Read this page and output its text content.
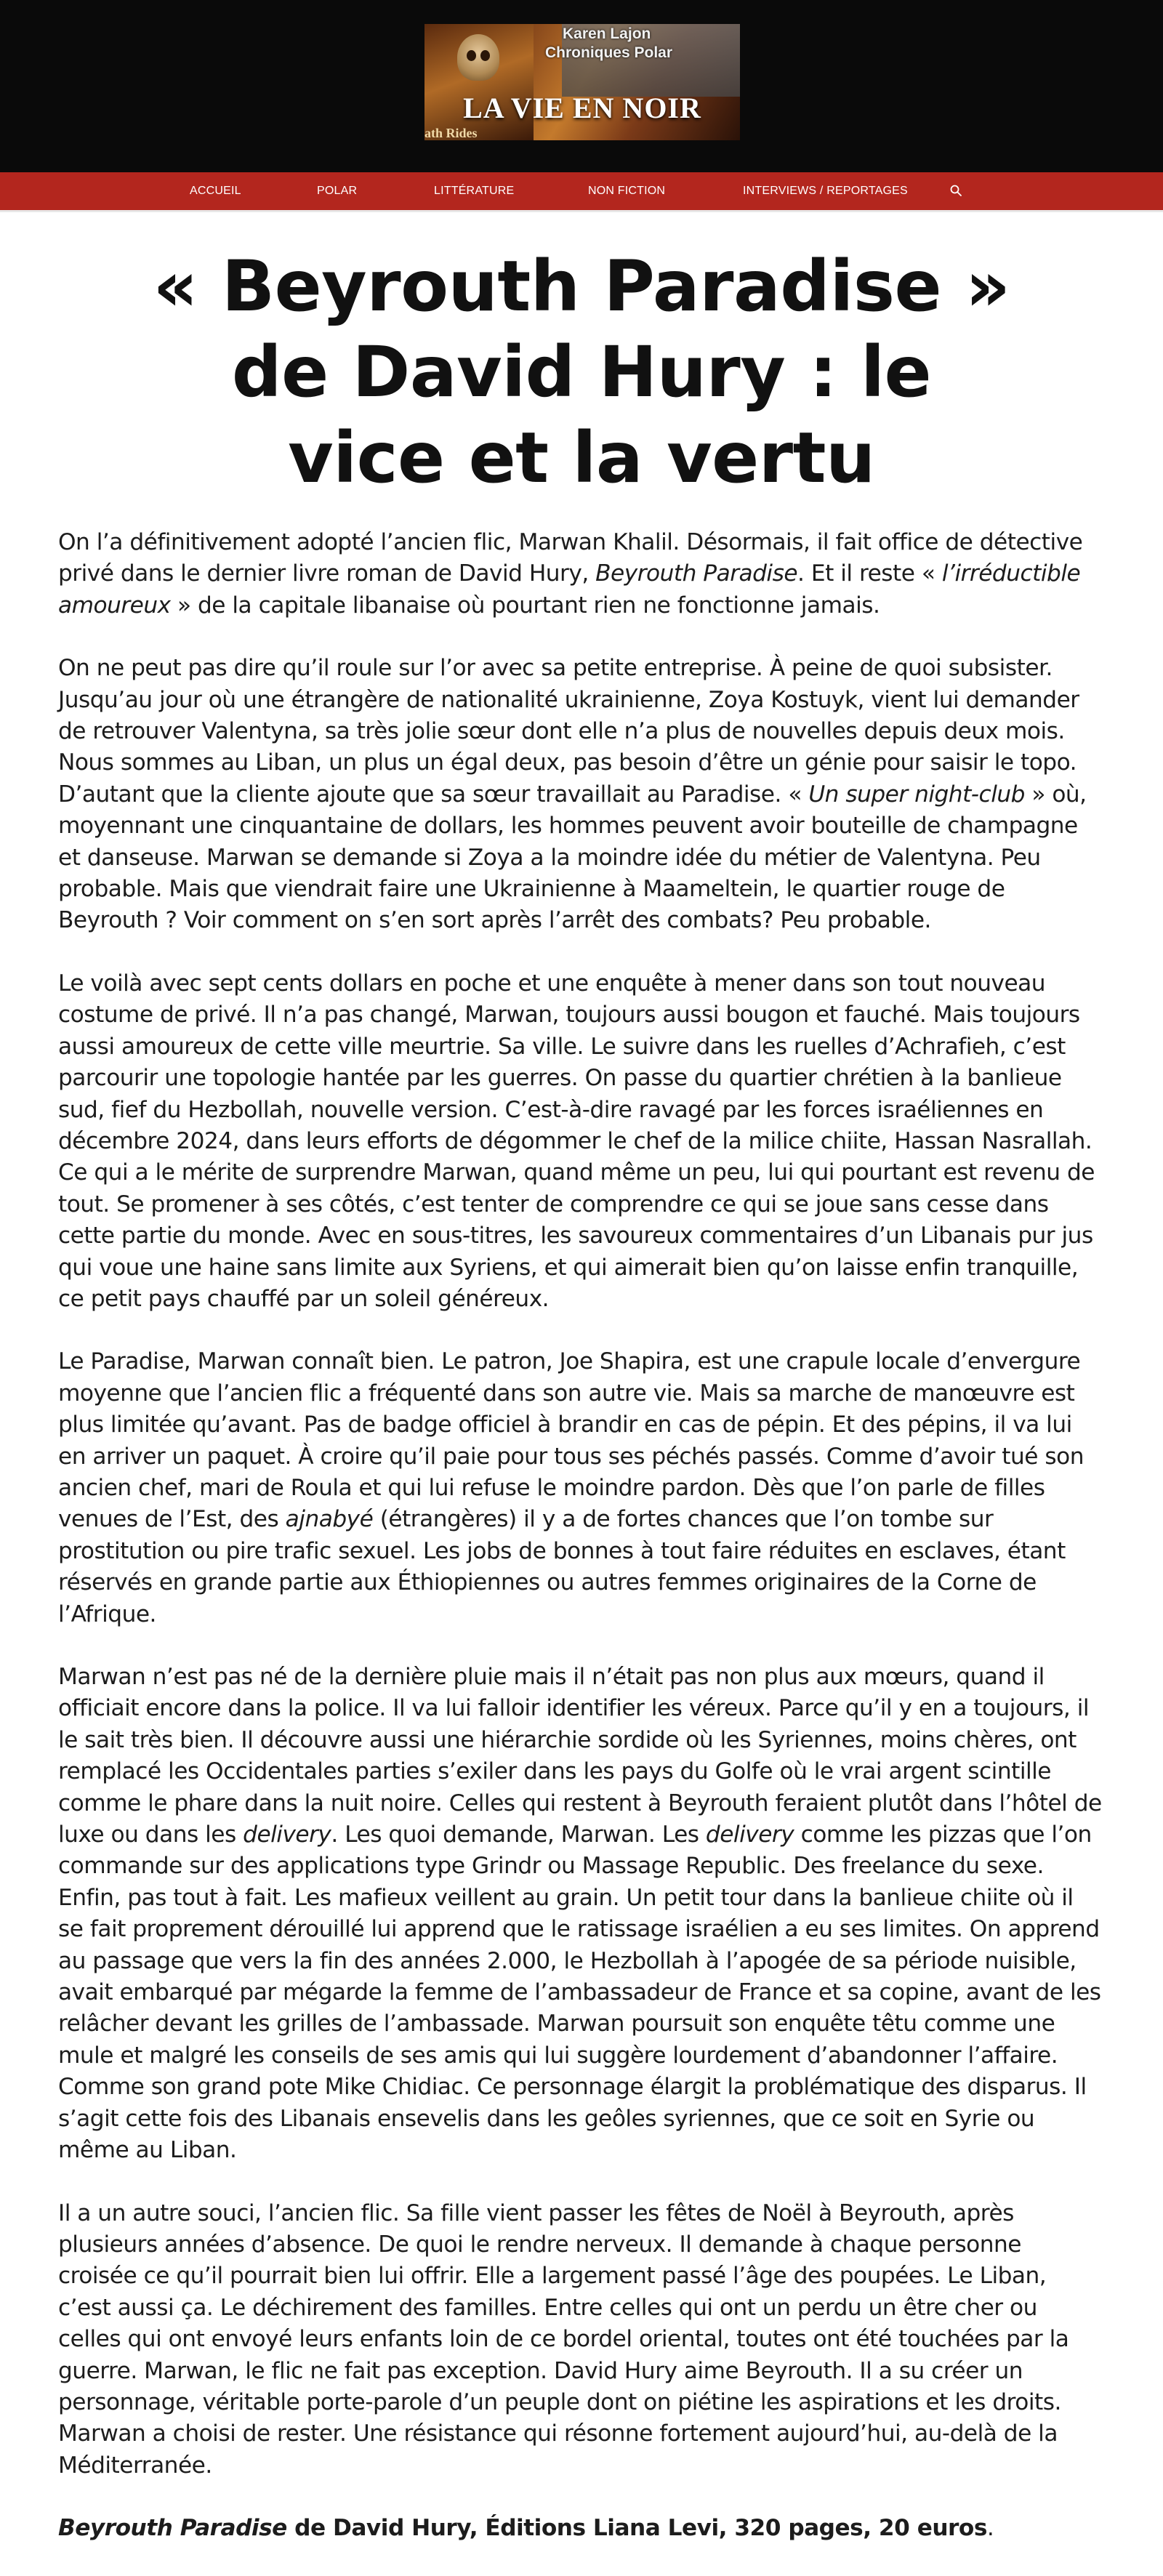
Karen Lajon
Chroniques Polar
LA VIE EN NOIR
ath Rides
ACCUEIL	POLAR	LITTÉRATURE	NON FICTION	INTERVIEWS / REPORTAGES
« Beyrouth Paradise » de David Hury : le vice et la vertu

On l’a définitivement adopté l’ancien flic, Marwan Khalil. Désormais, il fait office de détective privé dans le dernier livre roman de David Hury, Beyrouth Paradise. Et il reste « l’irréductible amoureux » de la capitale libanaise où pourtant rien ne fonctionne jamais.

On ne peut pas dire qu’il roule sur l’or avec sa petite entreprise. À peine de quoi subsister. Jusqu’au jour où une étrangère de nationalité ukrainienne, Zoya Kostuyk, vient lui demander de retrouver Valentyna, sa très jolie sœur dont elle n’a plus de nouvelles depuis deux mois. Nous sommes au Liban, un plus un égal deux, pas besoin d’être un génie pour saisir le topo. D’autant que la cliente ajoute que sa sœur travaillait au Paradise. « Un super night-club » où, moyennant une cinquantaine de dollars, les hommes peuvent avoir bouteille de champagne et danseuse. Marwan se demande si Zoya a la moindre idée du métier de Valentyna. Peu probable. Mais que viendrait faire une Ukrainienne à Maameltein, le quartier rouge de Beyrouth ? Voir comment on s’en sort après l’arrêt des combats? Peu probable.

Le voilà avec sept cents dollars en poche et une enquête à mener dans son tout nouveau costume de privé. Il n’a pas changé, Marwan, toujours aussi bougon et fauché. Mais toujours aussi amoureux de cette ville meurtrie. Sa ville. Le suivre dans les ruelles d’Achrafieh, c’est parcourir une topologie hantée par les guerres. On passe du quartier chrétien à la banlieue sud, fief du Hezbollah, nouvelle version. C’est-à-dire ravagé par les forces israéliennes en décembre 2024, dans leurs efforts de dégommer le chef de la milice chiite, Hassan Nasrallah. Ce qui a le mérite de surprendre Marwan, quand même un peu, lui qui pourtant est revenu de tout. Se promener à ses côtés, c’est tenter de comprendre ce qui se joue sans cesse dans cette partie du monde. Avec en sous-titres, les savoureux commentaires d’un Libanais pur jus qui voue une haine sans limite aux Syriens, et qui aimerait bien qu’on laisse enfin tranquille, ce petit pays chauffé par un soleil généreux.

Le Paradise, Marwan connaît bien. Le patron, Joe Shapira, est une crapule locale d’envergure moyenne que l’ancien flic a fréquenté dans son autre vie. Mais sa marche de manœuvre est plus limitée qu’avant. Pas de badge officiel à brandir en cas de pépin. Et des pépins, il va lui en arriver un paquet. À croire qu’il paie pour tous ses péchés passés. Comme d’avoir tué son ancien chef, mari de Roula et qui lui refuse le moindre pardon. Dès que l’on parle de filles venues de l’Est, des ajnabyé (étrangères) il y a de fortes chances que l’on tombe sur prostitution ou pire trafic sexuel. Les jobs de bonnes à tout faire réduites en esclaves, étant réservés en grande partie aux Éthiopiennes ou autres femmes originaires de la Corne de l’Afrique.

Marwan n’est pas né de la dernière pluie mais il n’était pas non plus aux mœurs, quand il officiait encore dans la police. Il va lui falloir identifier les véreux. Parce qu’il y en a toujours, il le sait très bien. Il découvre aussi une hiérarchie sordide où les Syriennes, moins chères, ont remplacé les Occidentales parties s’exiler dans les pays du Golfe où le vrai argent scintille comme le phare dans la nuit noire. Celles qui restent à Beyrouth feraient plutôt dans l’hôtel de luxe ou dans les delivery. Les quoi demande, Marwan. Les delivery comme les pizzas que l’on commande sur des applications type Grindr ou Massage Republic. Des freelance du sexe. Enfin, pas tout à fait. Les mafieux veillent au grain. Un petit tour dans la banlieue chiite où il se fait proprement dérouillé lui apprend que le ratissage israélien a eu ses limites. On apprend au passage que vers la fin des années 2.000, le Hezbollah à l’apogée de sa période nuisible, avait embarqué par mégarde la femme de l’ambassadeur de France et sa copine, avant de les relâcher devant les grilles de l’ambassade. Marwan poursuit son enquête têtu comme une mule et malgré les conseils de ses amis qui lui suggère lourdement d’abandonner l’affaire. Comme son grand pote Mike Chidiac. Ce personnage élargit la problématique des disparus. Il s’agit cette fois des Libanais ensevelis dans les geôles syriennes, que ce soit en Syrie ou même au Liban.

Il a un autre souci, l’ancien flic. Sa fille vient passer les fêtes de Noël à Beyrouth, après plusieurs années d’absence. De quoi le rendre nerveux. Il demande à chaque personne croisée ce qu’il pourrait bien lui offrir. Elle a largement passé l’âge des poupées. Le Liban, c’est aussi ça. Le déchirement des familles. Entre celles qui ont un perdu un être cher ou celles qui ont envoyé leurs enfants loin de ce bordel oriental, toutes ont été touchées par la guerre. Marwan, le flic ne fait pas exception. David Hury aime Beyrouth. Il a su créer un personnage, véritable porte-parole d’un peuple dont on piétine les aspirations et les droits. Marwan a choisi de rester. Une résistance qui résonne fortement aujourd’hui, au-delà de la Méditerranée.

Beyrouth Paradise de David Hury, Éditions Liana Levi, 320 pages, 20 euros.
